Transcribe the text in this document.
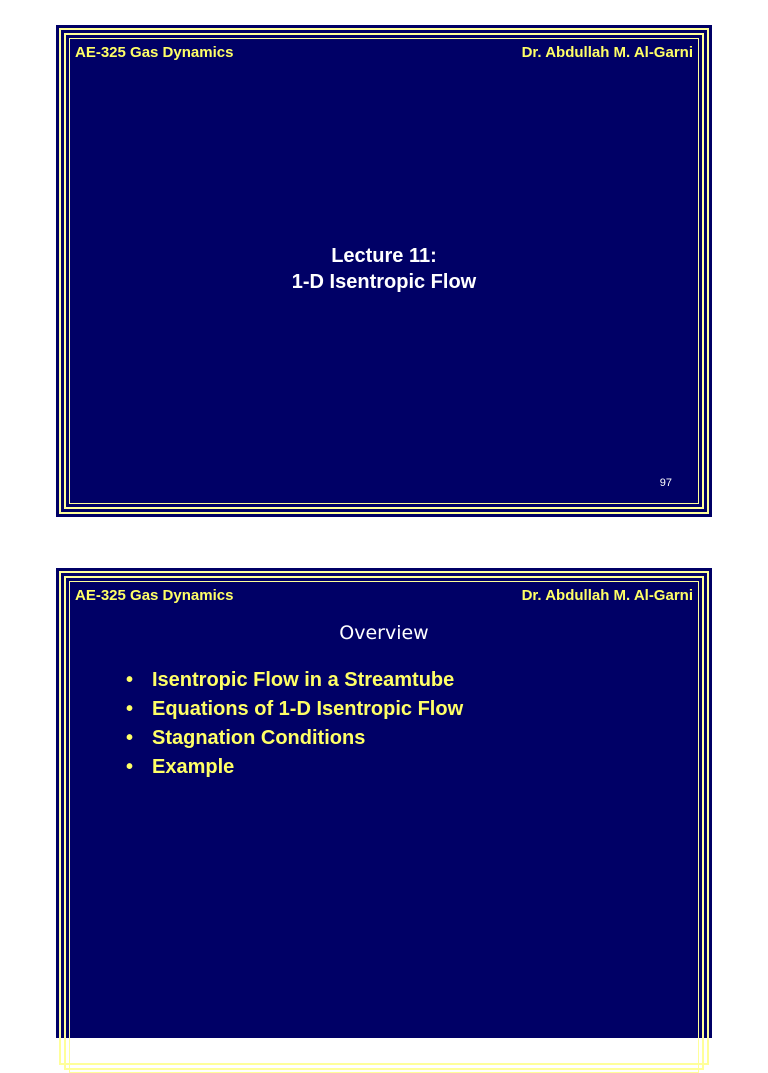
AE-325 Gas Dynamics	Dr. Abdullah M. Al-Garni
Lecture 11:
1-D Isentropic Flow
97
AE-325 Gas Dynamics	Dr. Abdullah M. Al-Garni
Overview
• Isentropic Flow in a Streamtube
• Equations of 1-D Isentropic Flow
• Stagnation Conditions
• Example
98
